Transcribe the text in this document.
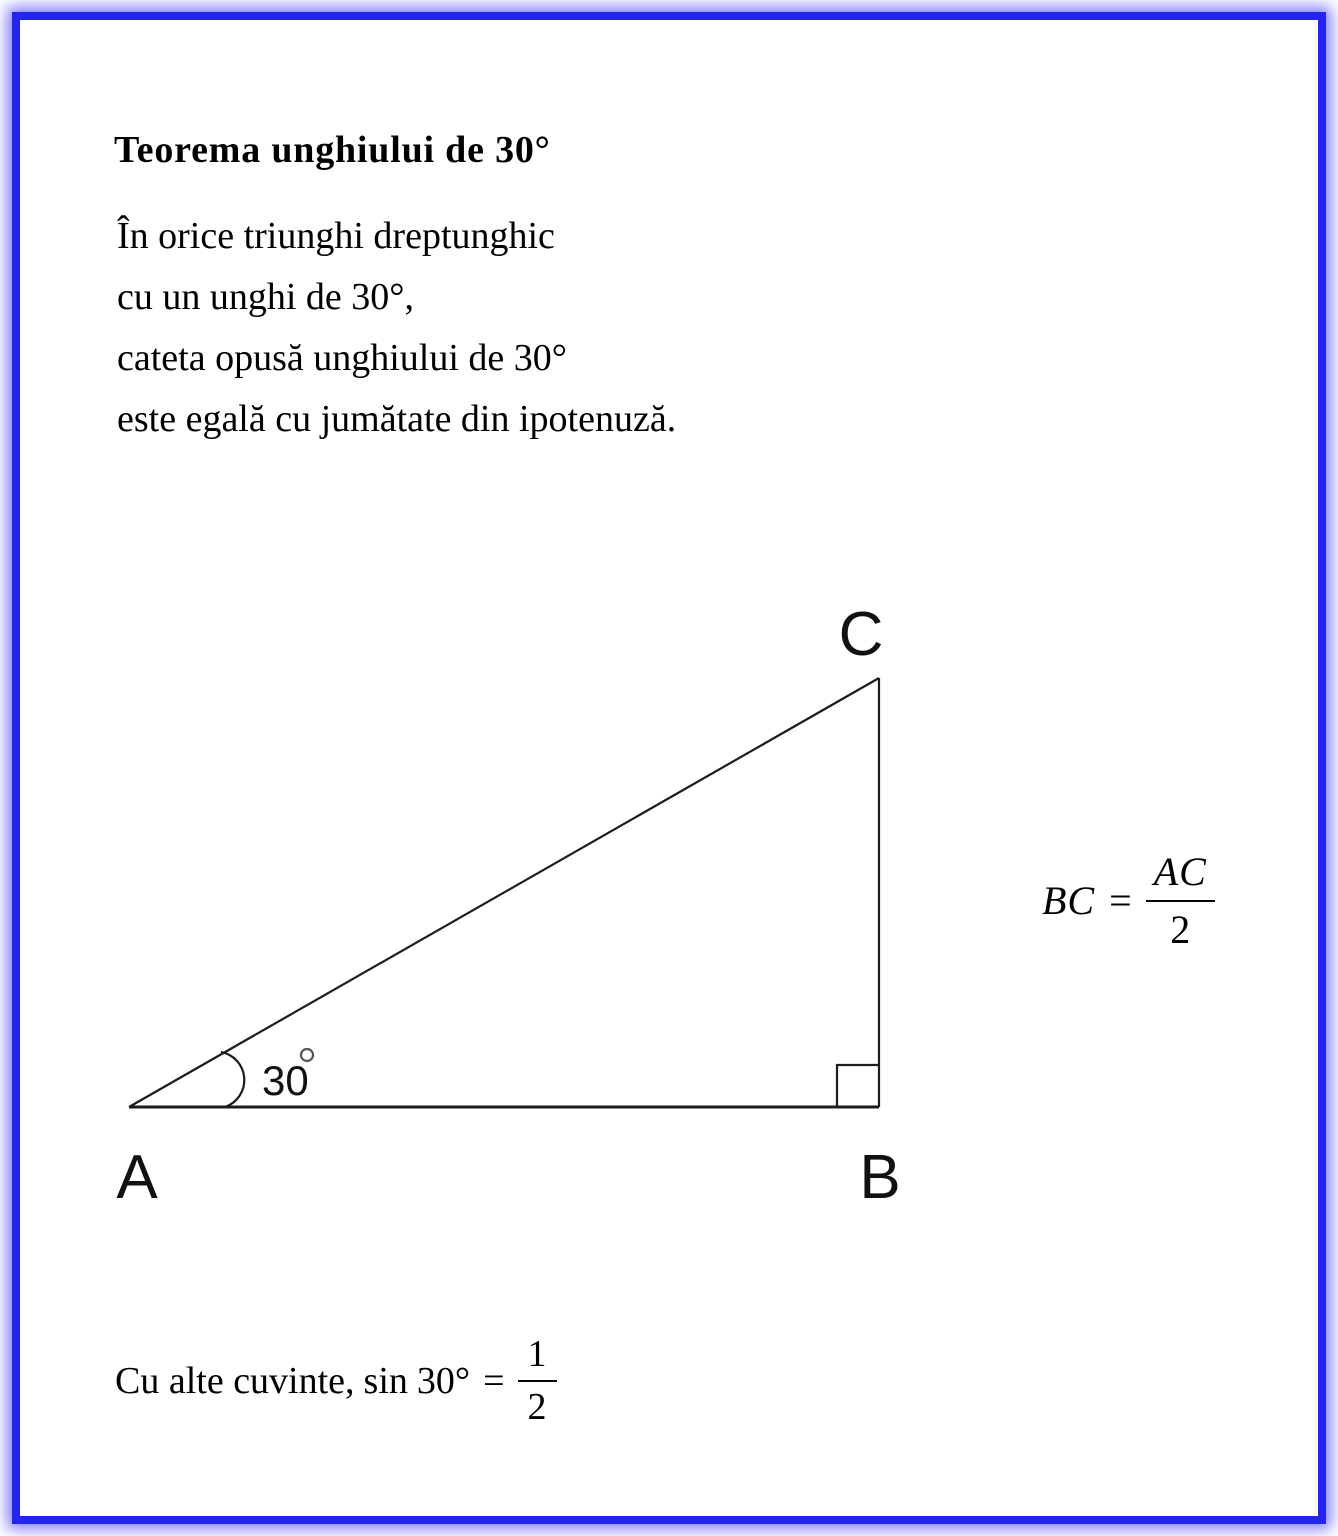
Teorema unghiului de 30°
În orice triunghi dreptunghic
cu un unghi de 30°,
cateta opusă unghiului de 30°
este egală cu jumătate din ipotenuză.
A	B
C
30
BC = $\frac{AC}{2}$
Cu alte cuvinte, $\sin 30^\circ = \frac{1}{2}$
